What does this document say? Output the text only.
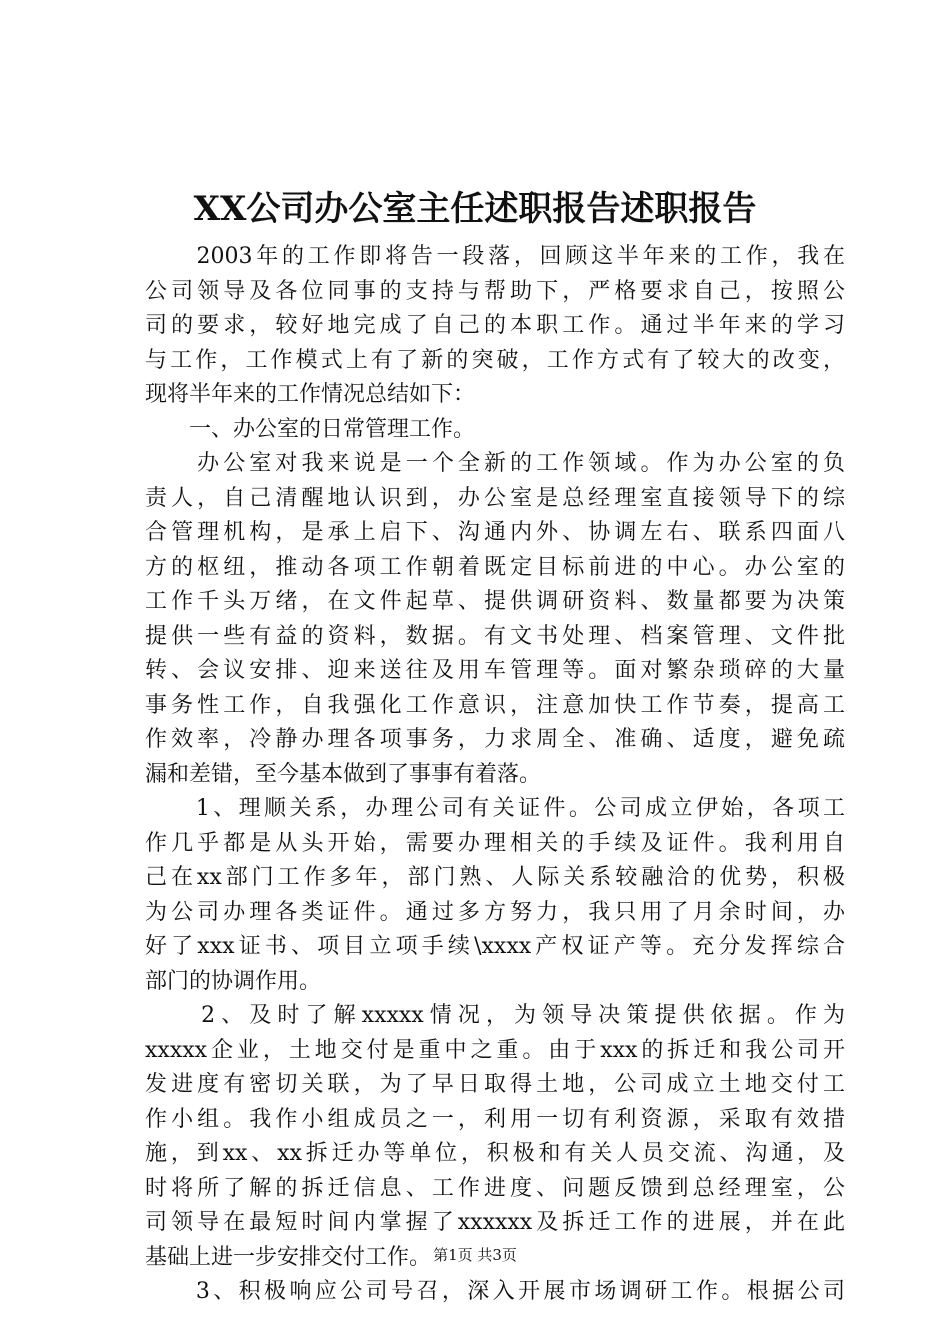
XX公司办公室主任述职报告述职报告
　　2003年的工作即将告一段落，回顾这半年来的工作，我在
公司领导及各位同事的支持与帮助下，严格要求自己，按照公
司的要求，较好地完成了自己的本职工作。通过半年来的学习
与工作，工作模式上有了新的突破，工作方式有了较大的改变，
现将半年来的工作情况总结如下：
　　一、办公室的日常管理工作。
　　办公室对我来说是一个全新的工作领域。作为办公室的负
责人，自己清醒地认识到，办公室是总经理室直接领导下的综
合管理机构，是承上启下、沟通内外、协调左右、联系四面八
方的枢纽，推动各项工作朝着既定目标前进的中心。办公室的
工作千头万绪，在文件起草、提供调研资料、数量都要为决策
提供一些有益的资料，数据。有文书处理、档案管理、文件批
转、会议安排、迎来送往及用车管理等。面对繁杂琐碎的大量
事务性工作，自我强化工作意识，注意加快工作节奏，提高工
作效率，冷静办理各项事务，力求周全、准确、适度，避免疏
漏和差错，至今基本做到了事事有着落。
　　1、理顺关系，办理公司有关证件。公司成立伊始，各项工
作几乎都是从头开始，需要办理相关的手续及证件。我利用自
己在xx部门工作多年，部门熟、人际关系较融洽的优势，积极
为公司办理各类证件。通过多方努力，我只用了月余时间，办
好了xxx证书、项目立项手续\xxxx产权证产等。充分发挥综合
部门的协调作用。
　　2、及时了解xxxxx情况，为领导决策提供依据。作为
xxxxx企业，土地交付是重中之重。由于xxx的拆迁和我公司开
发进度有密切关联，为了早日取得土地，公司成立土地交付工
作小组。我作小组成员之一，利用一切有利资源，采取有效措
施，到xx、xx拆迁办等单位，积极和有关人员交流、沟通，及
时将所了解的拆迁信息、工作进度、问题反馈到总经理室，公
司领导在最短时间内掌握了xxxxxx及拆迁工作的进展，并在此
基础上进一步安排交付工作。
　　3、积极响应公司号召，深入开展市场调研工作。根据公司
第1页 共3页
